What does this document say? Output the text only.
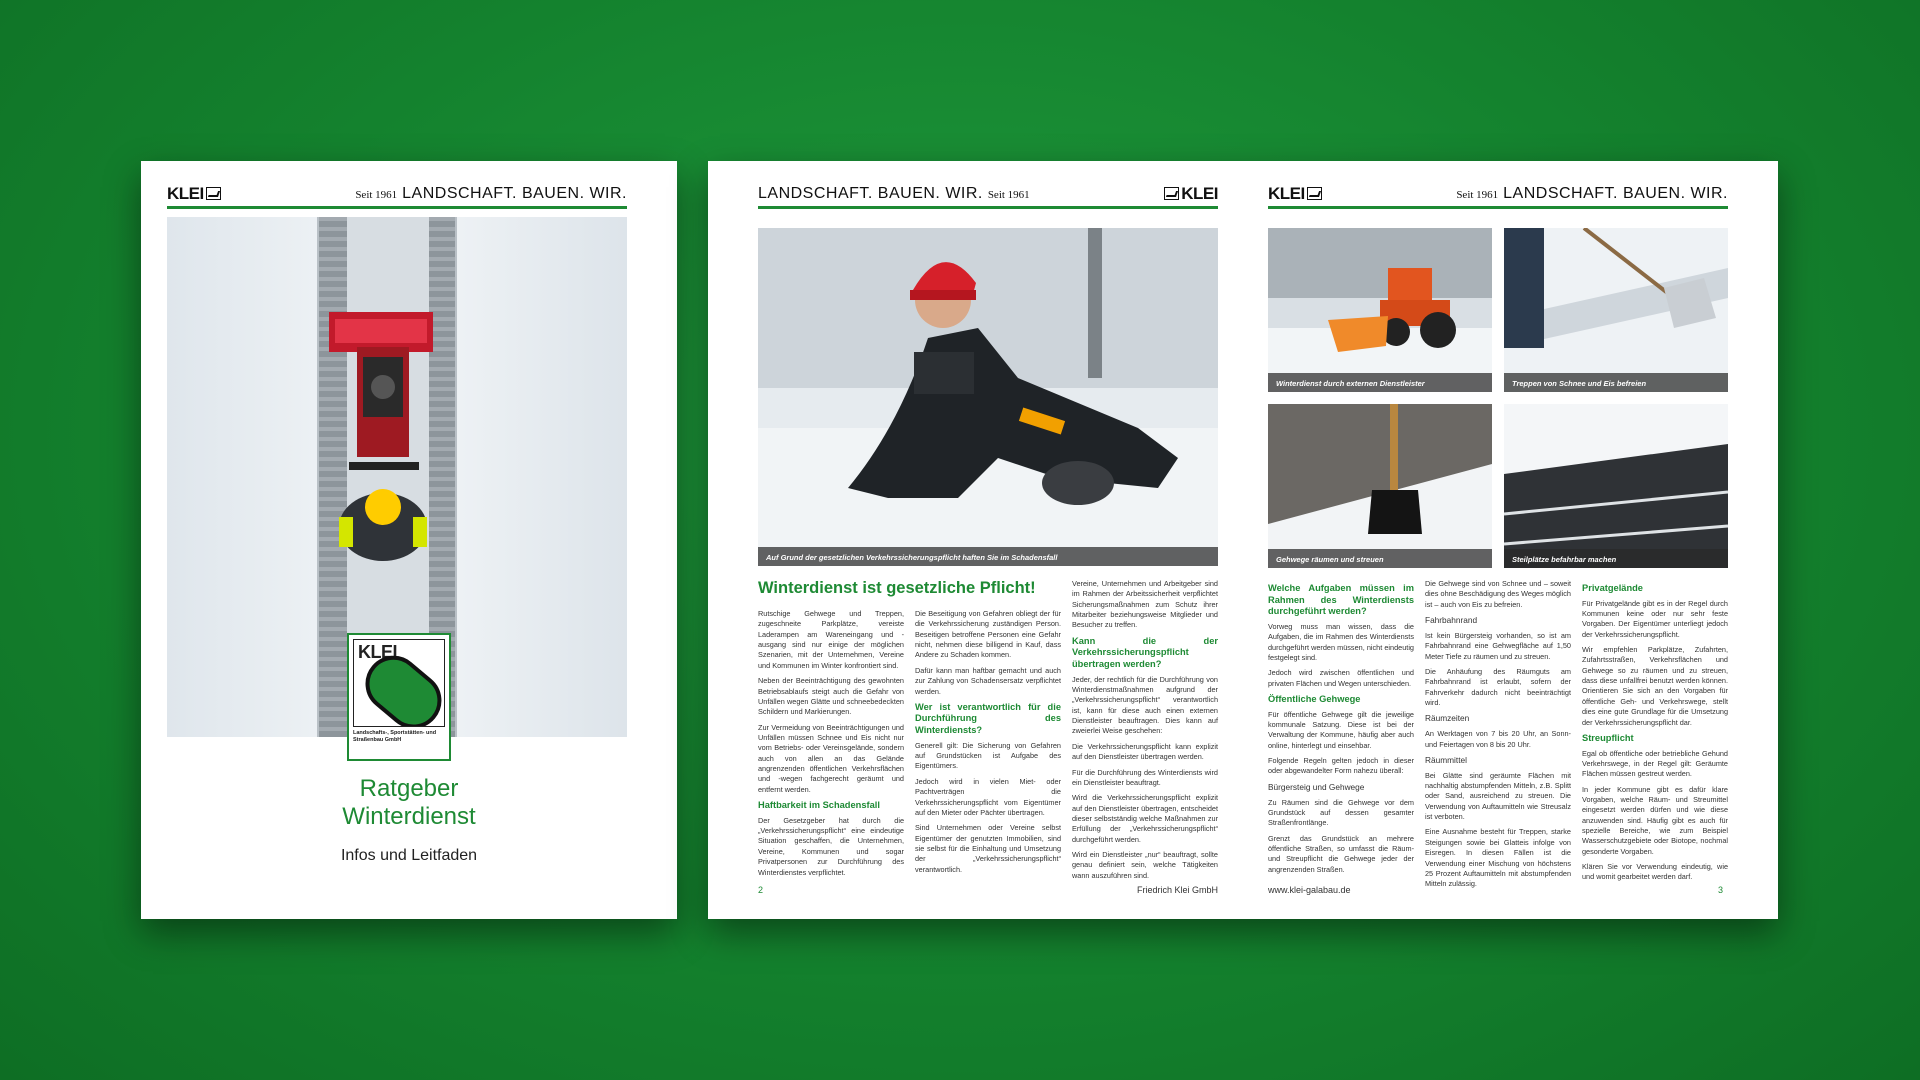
KLEI	Seit 1961 LANDSCHAFT. BAUEN. WIR.
KLEI
Landschafts-, Sportstätten- und Straßenbau GmbH
Ratgeber
Winterdienst
Infos und Leitfaden
LANDSCHAFT. BAUEN. WIR. Seit 1961	KLEI
Auf Grund der gesetzlichen Verkehrssicherungspflicht haften Sie im Schadensfall
Winterdienst ist gesetzliche Pflicht!

Rutschige Gehwege und Treppen, zugeschneite Parkplätze, vereiste Laderampen am Wareneingang und -ausgang sind nur einige der möglichen Szenarien, mit der Unternehmen, Vereine und Kommunen im Winter konfrontiert sind.

Neben der Beeinträchtigung des gewohnten Betriebsablaufs steigt auch die Gefahr von Unfällen wegen Glätte und schneebedeckten Schildern und Markierungen.

Zur Vermeidung von Beeinträchtigungen und Unfällen müssen Schnee und Eis nicht nur vom Betriebs- oder Vereinsgelände, sondern auch von allen an das Gelände angrenzenden öffentlichen Verkehrsflächen und -wegen fachgerecht geräumt und entfernt werden.

Haftbarkeit im Schadensfall

Der Gesetzgeber hat durch die „Verkehrssicherungspflicht“ eine eindeutige Situation geschaffen, die Unternehmen, Vereine, Kommunen und sogar Privatpersonen zur Durchführung des Winterdienstes verpflichtet.

Die Beseitigung von Gefahren obliegt der für die Verkehrssicherung zuständigen Person. Beseitigen betroffene Personen eine Gefahr nicht, nehmen diese billigend in Kauf, dass Andere zu Schaden kommen.

Dafür kann man haftbar gemacht und auch zur Zahlung von Schadensersatz verpflichtet werden.

Wer ist verantwortlich für die Durchführung des Winterdiensts?

Generell gilt: Die Sicherung von Gefahren auf Grundstücken ist Aufgabe des Eigentümers.

Jedoch wird in vielen Miet- oder Pachtverträgen die Verkehrssicherungspflicht vom Eigentümer auf den Mieter oder Pächter übertragen.

Sind Unternehmen oder Vereine selbst Eigentümer der genutzten Immobilien, sind sie selbst für die Einhaltung und Umsetzung der „Verkehrssicherungspflicht“ verantwortlich.

Vereine, Unternehmen und Arbeitgeber sind im Rahmen der Arbeitssicherheit verpflichtet Sicherungsmaßnahmen zum Schutz ihrer Mitarbeiter beziehungsweise Mitglieder und Besucher zu treffen.

Kann die der Verkehrssicherungspflicht übertragen werden?

Jeder, der rechtlich für die Durchführung von Winterdienstmaßnahmen aufgrund der „Verkehrssicherungspflicht“ verantwortlich ist, kann für diese auch einen externen Dienstleister beauftragen. Dies kann auf zweierlei Weise geschehen:

Die Verkehrssicherungspflicht kann explizit auf den Dienstleister übertragen werden.

Für die Durchführung des Winterdiensts wird ein Dienstleister beauftragt.

Wird die Verkehrssicherungspflicht explizit auf den Dienstleister übertragen, entscheidet dieser selbstständig welche Maßnahmen zur Erfüllung der „Verkehrssicherungspflicht“ durchgeführt werden.

Wird ein Dienstleister „nur“ beauftragt, sollte genau definiert sein, welche Tätigkeiten wann auszuführen sind.

2	Friedrich Klei GmbH
KLEI	Seit 1961 LANDSCHAFT. BAUEN. WIR.
Winterdienst durch externen Dienstleister	Treppen von Schnee und Eis befreien
Gehwege räumen und streuen	Steilplätze befahrbar machen
Welche Aufgaben müssen im Rahmen des Winterdiensts durchgeführt werden?

Vorweg muss man wissen, dass die Aufgaben, die im Rahmen des Winterdiensts durchgeführt werden müssen, nicht eindeutig festgelegt sind.

Jedoch wird zwischen öffentlichen und privaten Flächen und Wegen unterschieden.

Öffentliche Gehwege

Für öffentliche Gehwege gilt die jeweilige kommunale Satzung. Diese ist bei der Verwaltung der Kommune, häufig aber auch online, hinterlegt und einsehbar.

Folgende Regeln gelten jedoch in dieser oder abgewandelter Form nahezu überall:

Bürgersteig und Gehwege

Zu Räumen sind die Gehwege vor dem Grundstück auf dessen gesamter Straßenfrontlänge.

Grenzt das Grundstück an mehrere öffentliche Straßen, so umfasst die Räum- und Streupflicht die Gehwege jeder der angrenzenden Straßen.

Die Gehwege sind von Schnee und – soweit dies ohne Beschädigung des Weges möglich ist – auch von Eis zu befreien.

Fahrbahnrand

Ist kein Bürgersteig vorhanden, so ist am Fahrbahnrand eine Gehwegfläche auf 1,50 Meter Tiefe zu räumen und zu streuen.

Die Anhäufung des Räumguts am Fahrbahnrand ist erlaubt, sofern der Fahrverkehr dadurch nicht beeinträchtigt wird.

Räumzeiten

An Werktagen von 7 bis 20 Uhr, an Sonn- und Feiertagen von 8 bis 20 Uhr.

Räummittel

Bei Glätte sind geräumte Flächen mit nachhaltig abstumpfenden Mitteln, z.B. Splitt oder Sand, ausreichend zu streuen. Die Verwendung von Auftaumitteln wie Streusalz ist verboten.

Eine Ausnahme besteht für Treppen, starke Steigungen sowie bei Glatteis infolge von Eisregen. In diesen Fällen ist die Verwendung einer Mischung von höchstens 25 Prozent Auftaumitteln mit abstumpfenden Mitteln zulässig.

Privatgelände

Für Privatgelände gibt es in der Regel durch Kommunen keine oder nur sehr feste Vorgaben. Der Eigentümer unterliegt jedoch der Verkehrssicherungspflicht.

Wir empfehlen Parkplätze, Zufahrten, Zufahrtsstraßen, Verkehrsflächen und Gehwege so zu räumen und zu streuen, dass diese unfallfrei benutzt werden können. Orientieren Sie sich an den Vorgaben für öffentliche Geh- und Verkehrswege, stellt dies eine gute Grundlage für die Umsetzung der Verkehrssicherungspflicht dar.

Streupflicht

Egal ob öffentliche oder betriebliche Gehund Verkehrswege, in der Regel gilt: Geräumte Flächen müssen gestreut werden.

In jeder Kommune gibt es dafür klare Vorgaben, welche Räum- und Streumittel eingesetzt werden dürfen und wie diese anzuwenden sind. Häufig gibt es auch für spezielle Bereiche, wie zum Beispiel Wasserschutzgebiete oder Biotope, nochmal gesonderte Vorgaben.

Klären Sie vor Verwendung eindeutig, wie und womit gearbeitet werden darf.

www.klei-galabau.de	3
